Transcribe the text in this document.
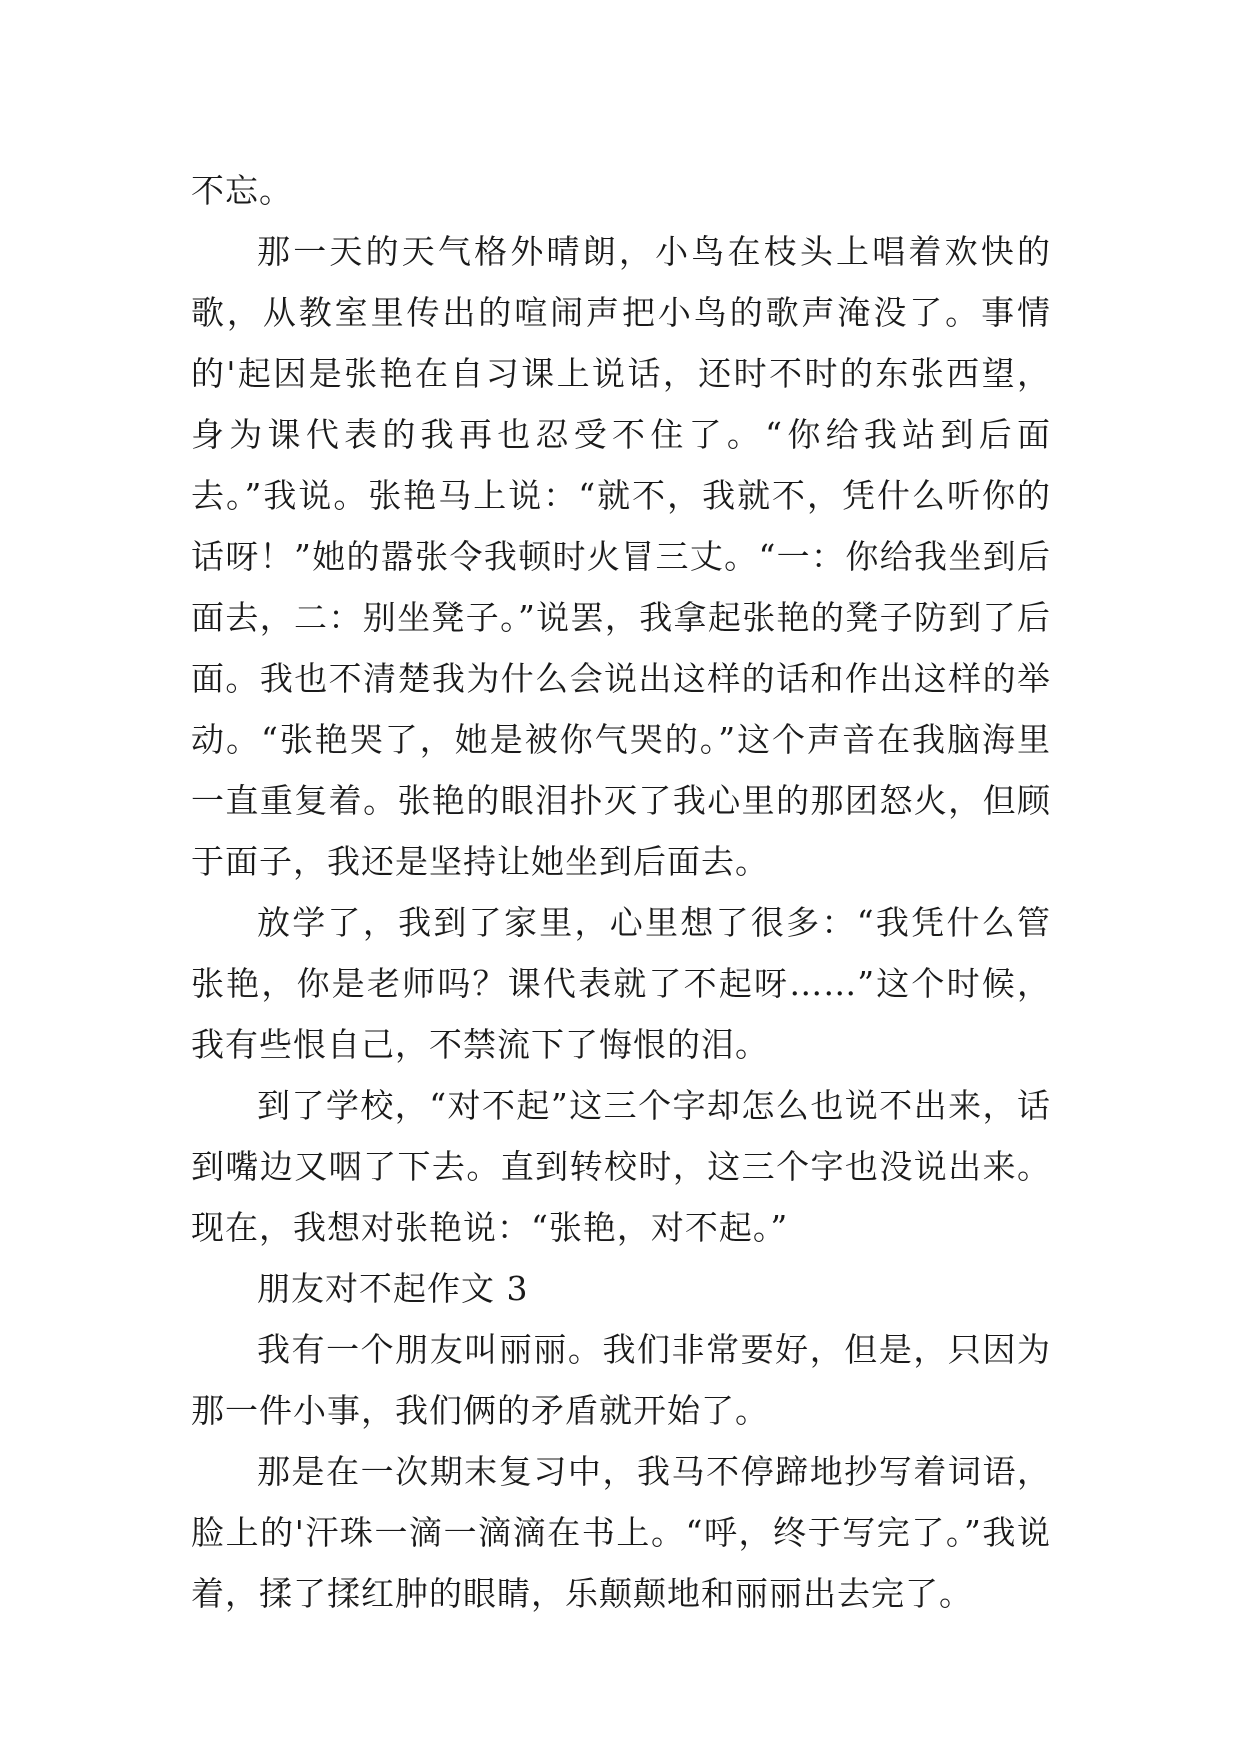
不忘。

那一天的天气格外晴朗，小鸟在枝头上唱着欢快的歌，从教室里传出的喧闹声把小鸟的歌声淹没了。事情的'起因是张艳在自习课上说话，还时不时的东张西望，身为课代表的我再也忍受不住了。“你给我站到后面去。”我说。张艳马上说：“就不，我就不，凭什么听你的话呀！”她的嚣张令我顿时火冒三丈。“一：你给我坐到后面去，二：别坐凳子。”说罢，我拿起张艳的凳子防到了后面。我也不清楚我为什么会说出这样的话和作出这样的举动。“张艳哭了，她是被你气哭的。”这个声音在我脑海里一直重复着。张艳的眼泪扑灭了我心里的那团怒火，但顾于面子，我还是坚持让她坐到后面去。

放学了，我到了家里，心里想了很多：“我凭什么管张艳，你是老师吗？课代表就了不起呀……”这个时候，我有些恨自己，不禁流下了悔恨的泪。

到了学校，“对不起”这三个字却怎么也说不出来，话到嘴边又咽了下去。直到转校时，这三个字也没说出来。现在，我想对张艳说：“张艳，对不起。”

朋友对不起作文 3

我有一个朋友叫丽丽。我们非常要好，但是，只因为那一件小事，我们俩的矛盾就开始了。

那是在一次期末复习中，我马不停蹄地抄写着词语，脸上的'汗珠一滴一滴滴在书上。“呼，终于写完了。”我说着，揉了揉红肿的眼睛，乐颠颠地和丽丽出去完了。
